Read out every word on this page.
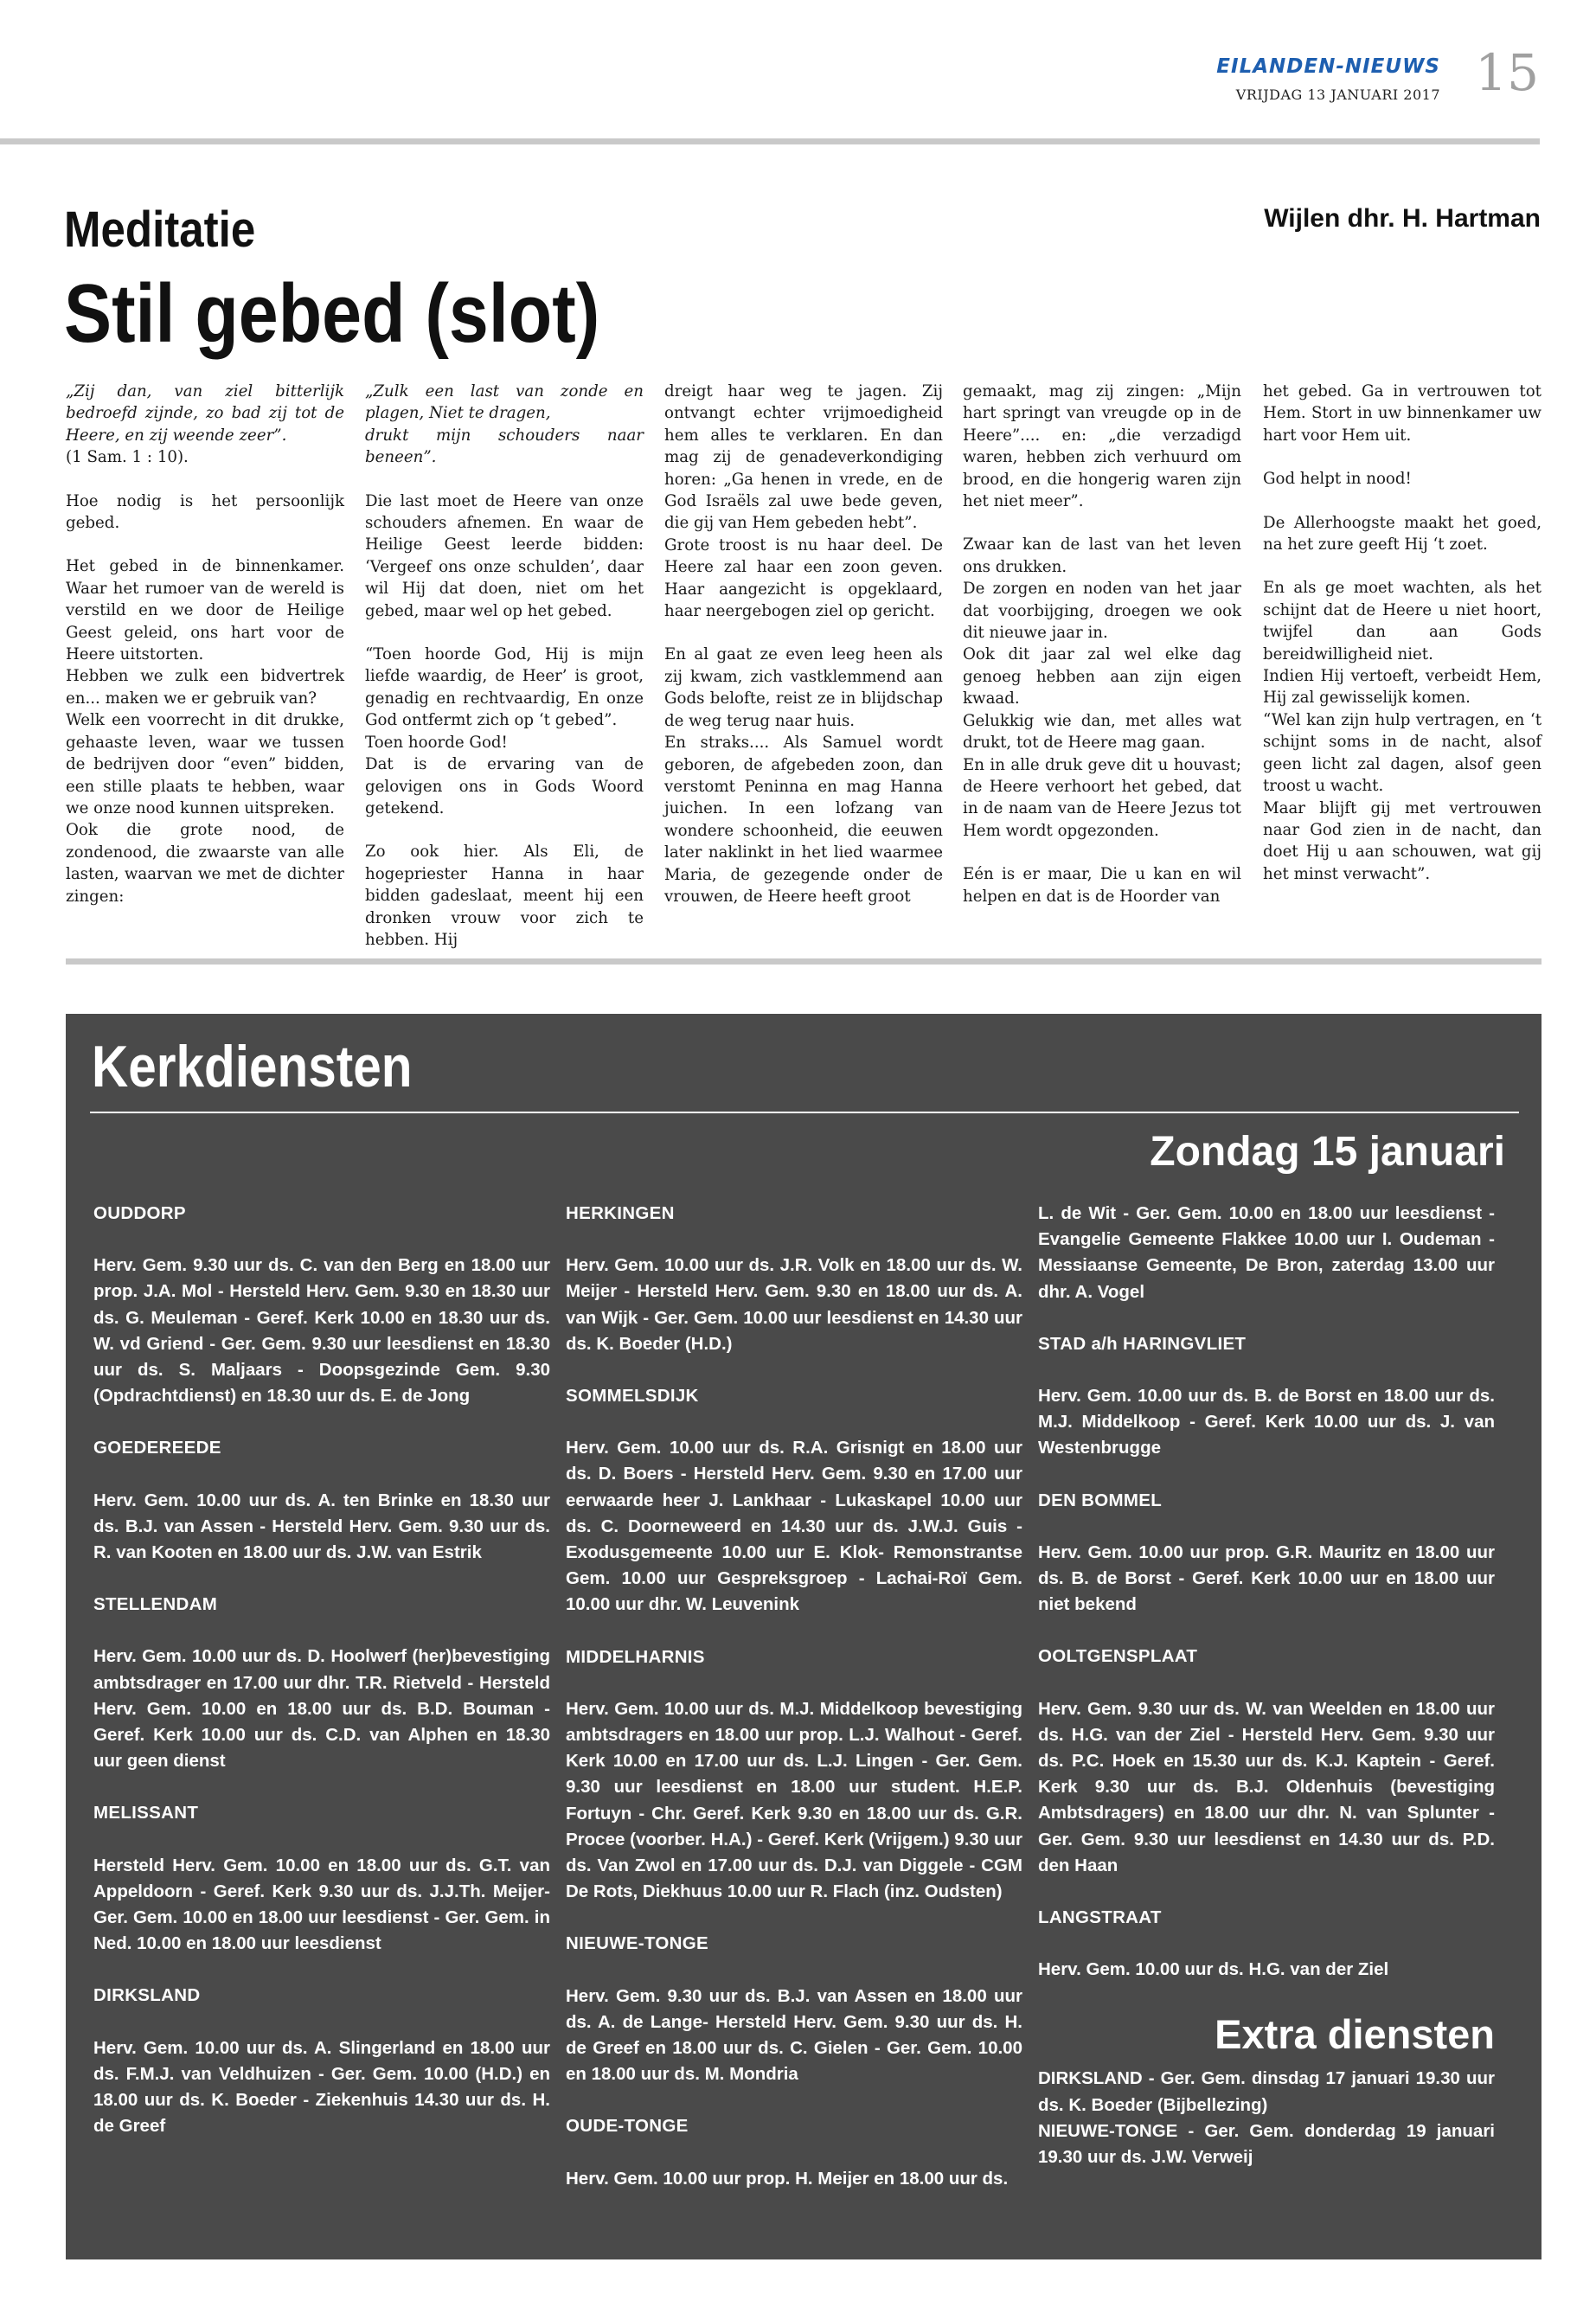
EILANDEN-NIEUWS
VRIJDAG 13 JANUARI 2017 15
Meditatie
Stil gebed (slot)
Wijlen dhr. H. Hartman

„Zij dan, van ziel bitterlijk bedroefd zijnde, zo bad zij tot de Heere, en zij weende zeer”.

(1 Sam. 1 : 10).

Hoe nodig is het persoonlijk gebed.

Het gebed in de binnenkamer. Waar het rumoer van de wereld is verstild en we door de Heilige Geest geleid, ons hart voor de Heere uitstorten.

Hebben we zulk een bidvertrek en... maken we er gebruik van?

Welk een voorrecht in dit drukke, gehaaste leven, waar we tussen de bedrijven door “even” bidden, een stille plaats te hebben, waar we onze nood kunnen uitspreken.

Ook die grote nood, de zondenood, die zwaarste van alle lasten, waarvan we met de dichter zingen:

„Zulk een last van zonde en plagen, Niet te dragen,

drukt mijn schouders naar beneen”.

Die last moet de Heere van onze schouders afnemen. En waar de Heilige Geest leerde bidden: ‘Vergeef ons onze schulden’, daar wil Hij dat doen, niet om het gebed, maar wel op het gebed.

“Toen hoorde God, Hij is mijn liefde waardig, de Heer’ is groot, genadig en rechtvaardig, En onze God ontfermt zich op ‘t gebed”.

Toen hoorde God!

Dat is de ervaring van de gelovigen ons in Gods Woord getekend.

Zo ook hier. Als Eli, de hogepriester Hanna in haar bidden gadeslaat, meent hij een dronken vrouw voor zich te hebben. Hij

dreigt haar weg te jagen. Zij ontvangt echter vrijmoedigheid hem alles te verklaren. En dan mag zij de genadeverkondiging horen: „Ga henen in vrede, en de God Israëls zal uwe bede geven, die gij van Hem gebeden hebt”.

Grote troost is nu haar deel. De Heere zal haar een zoon geven. Haar aangezicht is opgeklaard, haar neergebogen ziel op gericht.

En al gaat ze even leeg heen als zij kwam, zich vastklemmend aan Gods belofte, reist ze in blijdschap de weg terug naar huis.

En straks.... Als Samuel wordt geboren, de afgebeden zoon, dan verstomt Peninna en mag Hanna juichen. In een lofzang van wondere schoonheid, die eeuwen later naklinkt in het lied waarmee Maria, de gezegende onder de vrouwen, de Heere heeft groot

gemaakt, mag zij zingen: „Mijn hart springt van vreugde op in de Heere”.... en: „die verzadigd waren, hebben zich verhuurd om brood, en die hongerig waren zijn het niet meer”.

Zwaar kan de last van het leven ons drukken.

De zorgen en noden van het jaar dat voorbijging, droegen we ook dit nieuwe jaar in.

Ook dit jaar zal wel elke dag genoeg hebben aan zijn eigen kwaad.

Gelukkig wie dan, met alles wat drukt, tot de Heere mag gaan.

En in alle druk geve dit u houvast; de Heere verhoort het gebed, dat in de naam van de Heere Jezus tot Hem wordt opgezonden.

Eén is er maar, Die u kan en wil helpen en dat is de Hoorder van

het gebed. Ga in vertrouwen tot Hem. Stort in uw binnenkamer uw hart voor Hem uit.

God helpt in nood!

De Allerhoogste maakt het goed, na het zure geeft Hij ‘t zoet.

En als ge moet wachten, als het schijnt dat de Heere u niet hoort, twijfel dan aan Gods bereidwilligheid niet.

Indien Hij vertoeft, verbeidt Hem, Hij zal gewisselijk komen.

“Wel kan zijn hulp vertragen, en ‘t schijnt soms in de nacht, alsof geen licht zal dagen, alsof geen troost u wacht.

Maar blijft gij met vertrouwen naar God zien in de nacht, dan doet Hij u aan schouwen, wat gij het minst verwacht”.

Kerkdiensten
Zondag 15 januari
OUDDORP
Herv. Gem. 9.30 uur ds. C. van den Berg en 18.00 uur prop. J.A. Mol - Hersteld Herv. Gem. 9.30 en 18.30 uur ds. G. Meuleman - Geref. Kerk 10.00 en 18.30 uur ds. W. vd Griend - Ger. Gem. 9.30 uur leesdienst en 18.30 uur ds. S. Maljaars - Doopsgezinde Gem. 9.30 (Opdrachtdienst) en 18.30 uur ds. E. de Jong
GOEDEREEDE
Herv. Gem. 10.00 uur ds. A. ten Brinke en 18.30 uur ds. B.J. van Assen - Hersteld Herv. Gem. 9.30 uur ds. R. van Kooten en 18.00 uur ds. J.W. van Estrik
STELLENDAM
Herv. Gem. 10.00 uur ds. D. Hoolwerf (her)bevestiging ambtsdrager en 17.00 uur dhr. T.R. Rietveld - Hersteld Herv. Gem. 10.00 en 18.00 uur ds. B.D. Bouman - Geref. Kerk 10.00 uur ds. C.D. van Alphen en 18.30 uur geen dienst
MELISSANT
Hersteld Herv. Gem. 10.00 en 18.00 uur ds. G.T. van Appeldoorn - Geref. Kerk 9.30 uur ds. J.J.Th. Meijer- Ger. Gem. 10.00 en 18.00 uur leesdienst - Ger. Gem. in Ned. 10.00 en 18.00 uur leesdienst
DIRKSLAND
Herv. Gem. 10.00 uur ds. A. Slingerland en 18.00 uur ds. F.M.J. van Veldhuizen - Ger. Gem. 10.00 (H.D.) en 18.00 uur ds. K. Boeder - Ziekenhuis 14.30 uur ds. H. de Greef
HERKINGEN
Herv. Gem. 10.00 uur ds. J.R. Volk en 18.00 uur ds. W. Meijer - Hersteld Herv. Gem. 9.30 en 18.00 uur ds. A. van Wijk - Ger. Gem. 10.00 uur leesdienst en 14.30 uur ds. K. Boeder (H.D.)
SOMMELSDIJK
Herv. Gem. 10.00 uur ds. R.A. Grisnigt en 18.00 uur ds. D. Boers - Hersteld Herv. Gem. 9.30 en 17.00 uur eerwaarde heer J. Lankhaar - Lukaskapel 10.00 uur ds. C. Doorneweerd en 14.30 uur ds. J.W.J. Guis - Exodusgemeente 10.00 uur E. Klok- Remonstrantse Gem. 10.00 uur Gespreksgroep - Lachai-Roï Gem. 10.00 uur dhr. W. Leuvenink
MIDDELHARNIS
Herv. Gem. 10.00 uur ds. M.J. Middelkoop bevestiging ambtsdragers en 18.00 uur prop. L.J. Walhout - Geref. Kerk 10.00 en 17.00 uur ds. L.J. Lingen - Ger. Gem. 9.30 uur leesdienst en 18.00 uur student. H.E.P. Fortuyn - Chr. Geref. Kerk 9.30 en 18.00 uur ds. G.R. Procee (voorber. H.A.) - Geref. Kerk (Vrijgem.) 9.30 uur ds. Van Zwol en 17.00 uur ds. D.J. van Diggele - CGM De Rots, Diekhuus 10.00 uur R. Flach (inz. Oudsten)
NIEUWE-TONGE
Herv. Gem. 9.30 uur ds. B.J. van Assen en 18.00 uur ds. A. de Lange- Hersteld Herv. Gem. 9.30 uur ds. H. de Greef en 18.00 uur ds. C. Gielen - Ger. Gem. 10.00 en 18.00 uur ds. M. Mondria
OUDE-TONGE
Herv. Gem. 10.00 uur prop. H. Meijer en 18.00 uur ds.
L. de Wit - Ger. Gem. 10.00 en 18.00 uur leesdienst - Evangelie Gemeente Flakkee 10.00 uur I. Oudeman - Messiaanse Gemeente, De Bron, zaterdag 13.00 uur dhr. A. Vogel
STAD a/h HARINGVLIET
Herv. Gem. 10.00 uur ds. B. de Borst en 18.00 uur ds. M.J. Middelkoop - Geref. Kerk 10.00 uur ds. J. van Westenbrugge
DEN BOMMEL
Herv. Gem. 10.00 uur prop. G.R. Mauritz en 18.00 uur ds. B. de Borst - Geref. Kerk 10.00 uur en 18.00 uur niet bekend
OOLTGENSPLAAT
Herv. Gem. 9.30 uur ds. W. van Weelden en 18.00 uur ds. H.G. van der Ziel - Hersteld Herv. Gem. 9.30 uur ds. P.C. Hoek en 15.30 uur ds. K.J. Kaptein - Geref. Kerk 9.30 uur ds. B.J. Oldenhuis (bevestiging Ambtsdragers) en 18.00 uur dhr. N. van Splunter - Ger. Gem. 9.30 uur leesdienst en 14.30 uur ds. P.D. den Haan
LANGSTRAAT
Herv. Gem. 10.00 uur ds. H.G. van der Ziel
Extra diensten
DIRKSLAND - Ger. Gem. dinsdag 17 januari 19.30 uur ds. K. Boeder (Bijbellezing)
NIEUWE-TONGE - Ger. Gem. donderdag 19 januari 19.30 uur ds. J.W. Verweij
